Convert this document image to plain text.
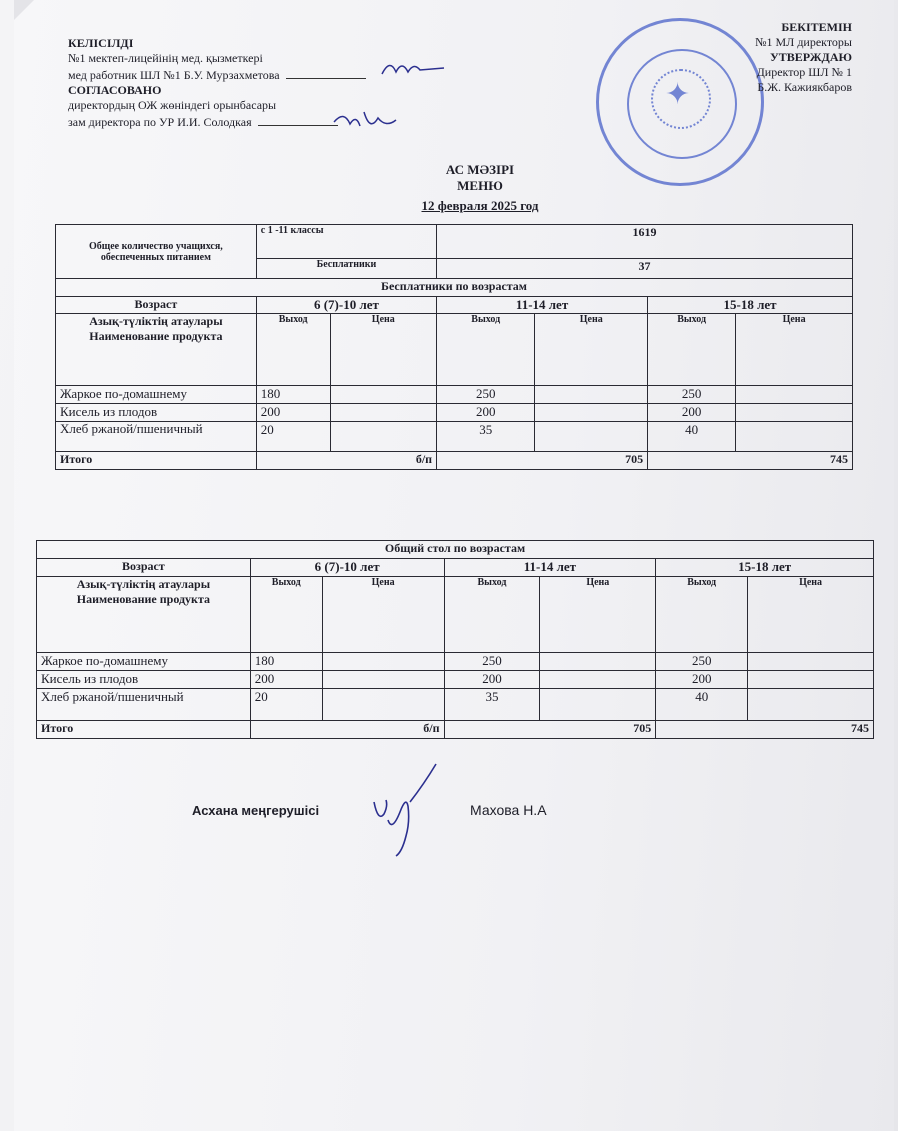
КЕЛІСІЛДІ
№1 мектеп-лицейінің мед. қызметкері
мед работник ШЛ №1 Б.У. Мурзахметова
СОГЛАСОВАНО
директордың ОЖ жөніндегі орынбасары
зам директора по УР И.И. Солодкая
✦
БЕКІТЕМІН
№1 МЛ директоры
УТВЕРЖДАЮ
Директор ШЛ № 1
Б.Ж. Кажиякбаров
АС МӘЗІРІ
МЕНЮ
12 февраля 2025 год
Общее количество учащихся, обеспеченных питанием	с 1 -11 классы		1619			
	Бесплатники		37			
Бесплатники по возрастам						
Возраст	6 (7)-10 лет		11-14 лет		15-18 лет	

Азық-түліктің атаулары
Наименование продукта	Выход	Цена	Выход	Цена	Выход	Цена
Жаркое по-домашнему	180		250		250	
Кисель из плодов	200		200		200	
Хлеб ржаной/пшеничный	20		35		40	
Итого	б/п		705		745	
Общий стол по возрастам						
Возраст	6 (7)-10 лет		11-14 лет		15-18 лет	

Азық-түліктің атаулары
Наименование продукта	Выход	Цена	Выход	Цена	Выход	Цена
Жаркое по-домашнему	180		250		250	
Кисель из плодов	200		200		200	
Хлеб ржаной/пшеничный	20		35		40	
Итого	б/п		705		745	
Асхана меңгерушісі	Махова Н.А
